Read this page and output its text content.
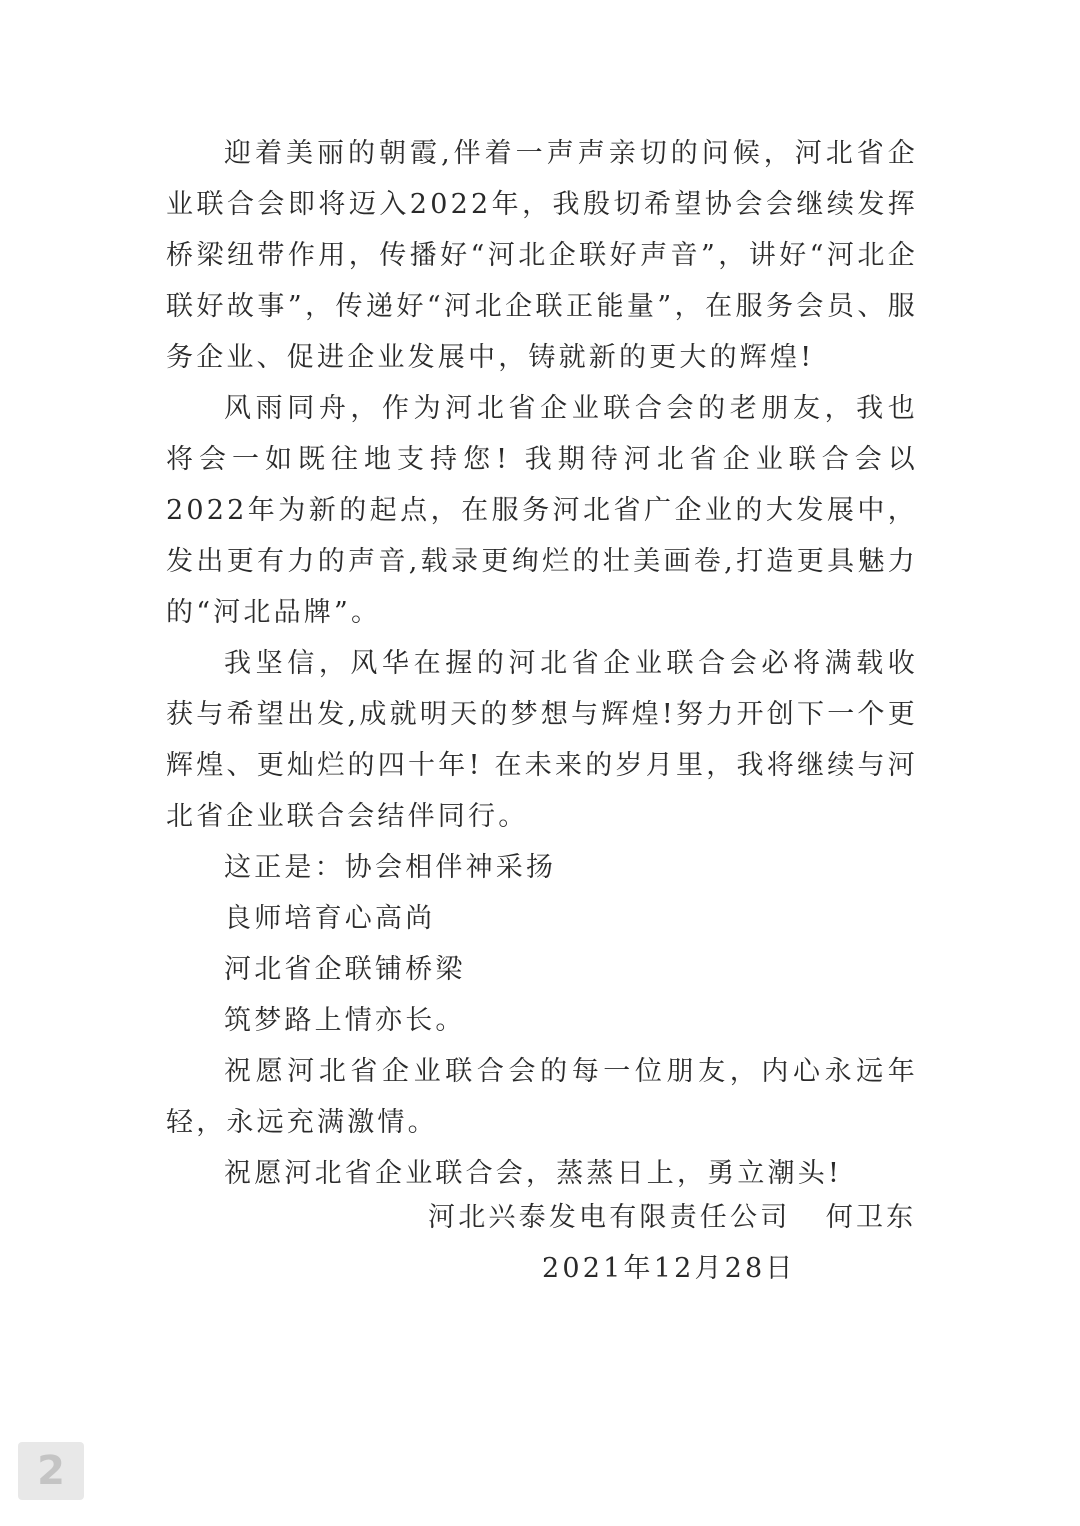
迎着美丽的朝霞,伴着一声声亲切的问候，河北省企业联合会即将迈入2022年，我殷切希望协会会继续发挥桥梁纽带作用，传播好“河北企联好声音”，讲好“河北企联好故事”，传递好“河北企联正能量”，在服务会员、服务企业、促进企业发展中，铸就新的更大的辉煌!

风雨同舟，作为河北省企业联合会的老朋友，我也将会一如既往地支持您! 我期待河北省企业联合会以2022年为新的起点，在服务河北省广企业的大发展中，发出更有力的声音,载录更绚烂的壮美画卷,打造更具魅力的“河北品牌”。

我坚信，风华在握的河北省企业联合会必将满载收获与希望出发,成就明天的梦想与辉煌!努力开创下一个更辉煌、更灿烂的四十年! 在未来的岁月里，我将继续与河北省企业联合会结伴同行。

这正是：协会相伴神采扬

良师培育心高尚

河北省企联铺桥梁

筑梦路上情亦长。

祝愿河北省企业联合会的每一位朋友，内心永远年轻，永远充满激情。

祝愿河北省企业联合会，蒸蒸日上，勇立潮头!

河北兴泰发电有限责任公司 何卫东
2021年12月28日
2
